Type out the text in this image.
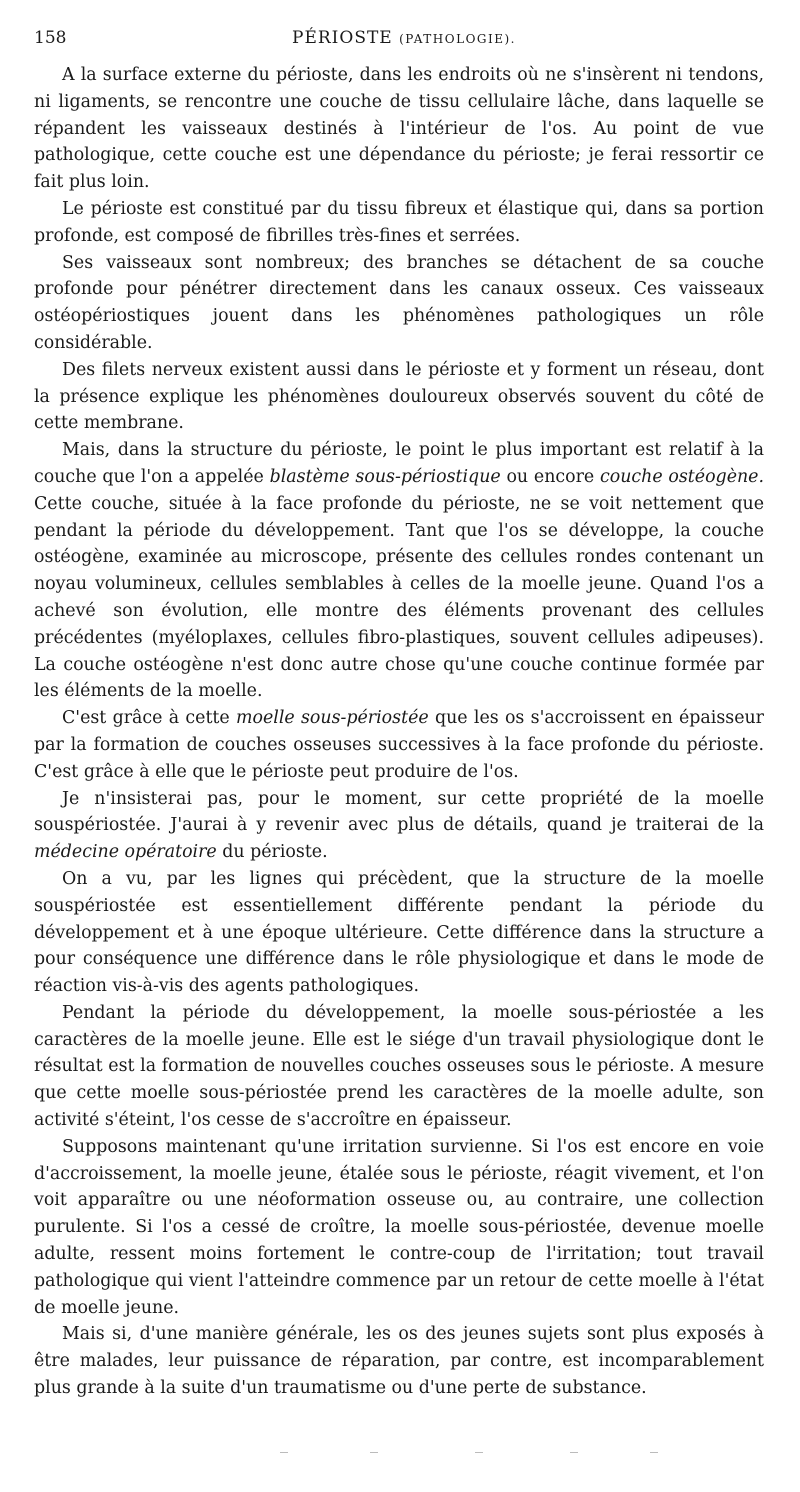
158	PÉRIOSTE (PATHOLOGIE).

A la surface externe du périoste, dans les endroits où ne s'insèrent ni tendons, ni ligaments, se rencontre une couche de tissu cellulaire lâche, dans laquelle se répandent les vaisseaux destinés à l'intérieur de l'os. Au point de vue pathologique, cette couche est une dépendance du périoste; je ferai ressortir ce fait plus loin.

Le périoste est constitué par du tissu fibreux et élastique qui, dans sa portion profonde, est composé de fibrilles très-fines et serrées.

Ses vaisseaux sont nombreux; des branches se détachent de sa couche profonde pour pénétrer directement dans les canaux osseux. Ces vaisseaux ostéopériostiques jouent dans les phénomènes pathologiques un rôle considérable.

Des filets nerveux existent aussi dans le périoste et y forment un réseau, dont la présence explique les phénomènes douloureux observés souvent du côté de cette membrane.

Mais, dans la structure du périoste, le point le plus important est relatif à la couche que l'on a appelée blastème sous-périostique ou encore couche ostéogène. Cette couche, située à la face profonde du périoste, ne se voit nettement que pendant la période du développement. Tant que l'os se développe, la couche ostéogène, examinée au microscope, présente des cellules rondes contenant un noyau volumineux, cellules semblables à celles de la moelle jeune. Quand l'os a achevé son évolution, elle montre des éléments provenant des cellules précédentes (myéloplaxes, cellules fibro-plastiques, souvent cellules adipeuses). La couche ostéogène n'est donc autre chose qu'une couche continue formée par les éléments de la moelle.

C'est grâce à cette moelle sous-périostée que les os s'accroissent en épaisseur par la formation de couches osseuses successives à la face profonde du périoste. C'est grâce à elle que le périoste peut produire de l'os.

Je n'insisterai pas, pour le moment, sur cette propriété de la moelle souspériostée. J'aurai à y revenir avec plus de détails, quand je traiterai de la médecine opératoire du périoste.

On a vu, par les lignes qui précèdent, que la structure de la moelle souspériostée est essentiellement différente pendant la période du développement et à une époque ultérieure. Cette différence dans la structure a pour conséquence une différence dans le rôle physiologique et dans le mode de réaction vis-à-vis des agents pathologiques.

Pendant la période du développement, la moelle sous-périostée a les caractères de la moelle jeune. Elle est le siége d'un travail physiologique dont le résultat est la formation de nouvelles couches osseuses sous le périoste. A mesure que cette moelle sous-périostée prend les caractères de la moelle adulte, son activité s'éteint, l'os cesse de s'accroître en épaisseur.

Supposons maintenant qu'une irritation survienne. Si l'os est encore en voie d'accroissement, la moelle jeune, étalée sous le périoste, réagit vivement, et l'on voit apparaître ou une néoformation osseuse ou, au contraire, une collection purulente. Si l'os a cessé de croître, la moelle sous-périostée, devenue moelle adulte, ressent moins fortement le contre-coup de l'irritation; tout travail pathologique qui vient l'atteindre commence par un retour de cette moelle à l'état de moelle jeune.

Mais si, d'une manière générale, les os des jeunes sujets sont plus exposés à être malades, leur puissance de réparation, par contre, est incomparablement plus grande à la suite d'un traumatisme ou d'une perte de substance.
